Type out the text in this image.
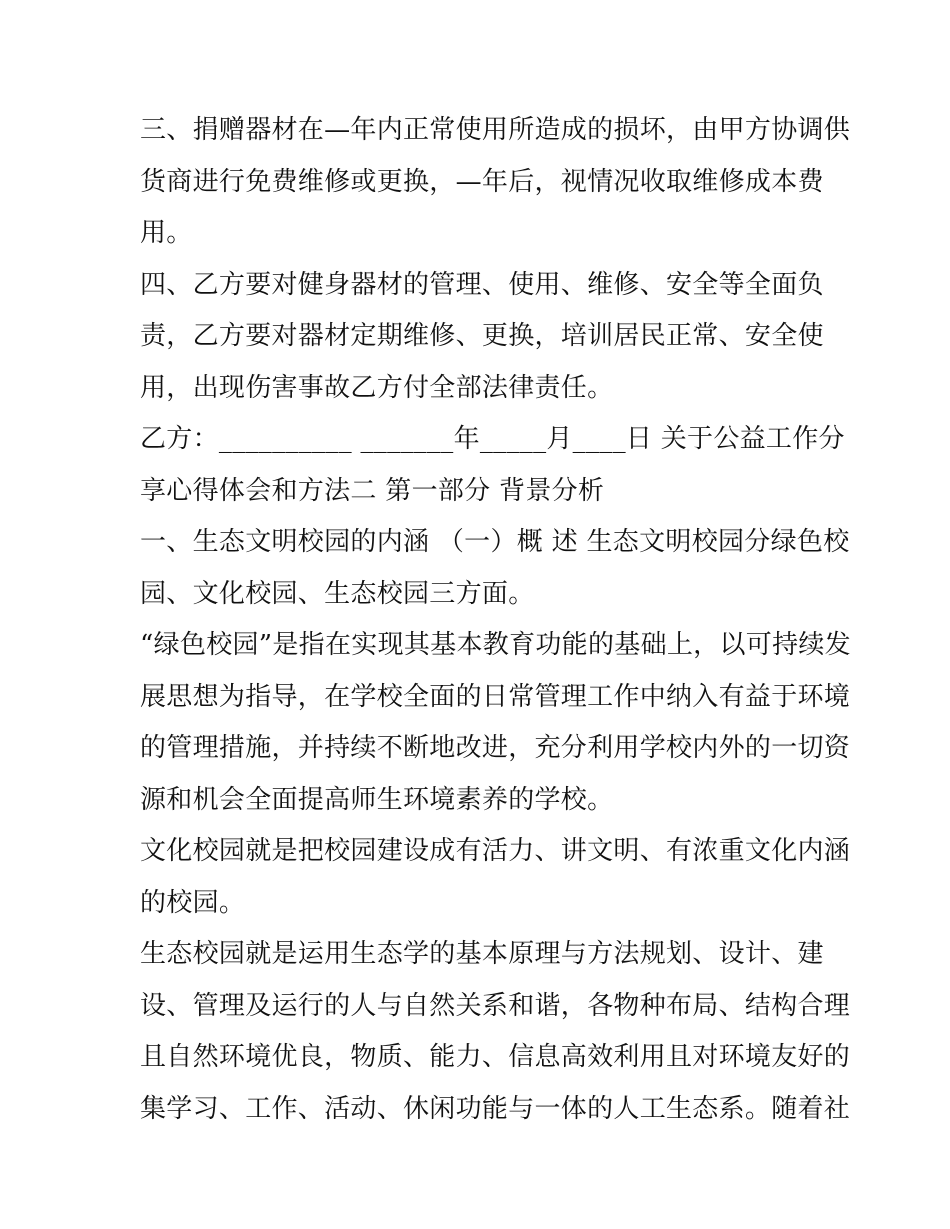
三、捐赠器材在—年内正常使用所造成的损坏，由甲方协调供
货商进行免费维修或更换，—年后，视情况收取维修成本费
用。
四、乙方要对健身器材的管理、使用、维修、安全等全面负
责，乙方要对器材定期维修、更换，培训居民正常、安全使
用，出现伤害事故乙方付全部法律责任。
乙方：__________ _______年_____月____日 关于公益工作分
享心得体会和方法二 第一部分 背景分析
一、生态文明校园的内涵 （一）概 述 生态文明校园分绿色校
园、文化校园、生态校园三方面。
“绿色校园”是指在实现其基本教育功能的基础上，以可持续发
展思想为指导，在学校全面的日常管理工作中纳入有益于环境
的管理措施，并持续不断地改进，充分利用学校内外的一切资
源和机会全面提高师生环境素养的学校。
文化校园就是把校园建设成有活力、讲文明、有浓重文化内涵
的校园。
生态校园就是运用生态学的基本原理与方法规划、设计、建
设、管理及运行的人与自然关系和谐，各物种布局、结构合理
且自然环境优良，物质、能力、信息高效利用且对环境友好的
集学习、工作、活动、休闲功能与一体的人工生态系。随着社
